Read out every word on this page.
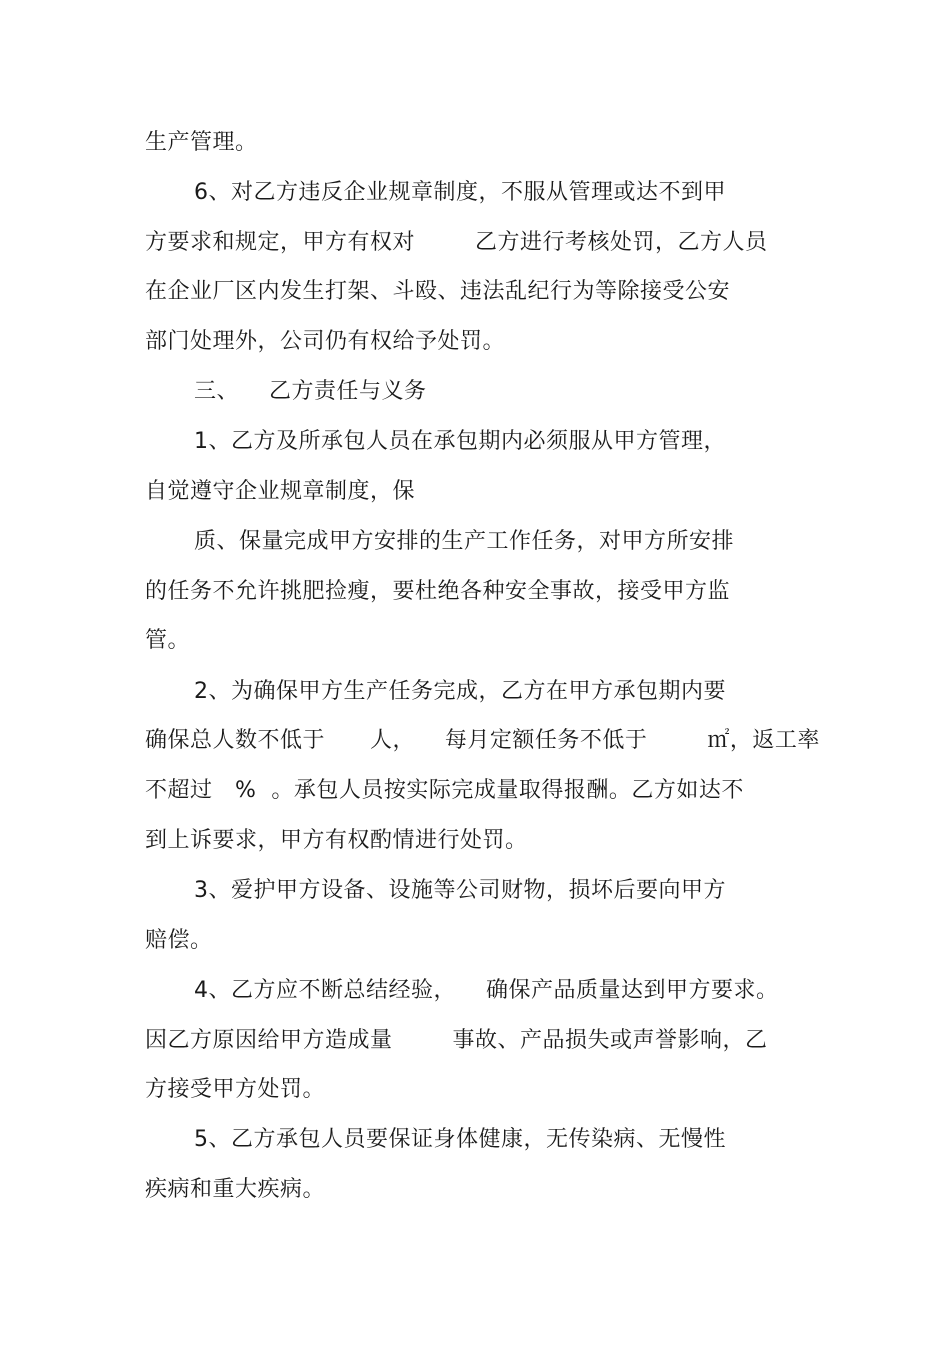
生产管理。
6、对乙方违反企业规章制度，不服从管理或达不到甲
方要求和规定，甲方有权对        乙方进行考核处罚，乙方人员
在企业厂区内发生打架、斗殴、违法乱纪行为等除接受公安
部门处理外，公司仍有权给予处罚。
三、    乙方责任与义务
1、乙方及所承包人员在承包期内必须服从甲方管理，
自觉遵守企业规章制度，保
质、保量完成甲方安排的生产工作任务，对甲方所安排
的任务不允许挑肥捡瘦，要杜绝各种安全事故，接受甲方监
管。
2、为确保甲方生产任务完成，乙方在甲方承包期内要
确保总人数不低于      人，    每月定额任务不低于        ㎡，返工率
不超过   %  。承包人员按实际完成量取得报酬。乙方如达不
到上诉要求，甲方有权酌情进行处罚。
3、爱护甲方设备、设施等公司财物，损坏后要向甲方
赔偿。
4、乙方应不断总结经验，    确保产品质量达到甲方要求。
因乙方原因给甲方造成量        事故、产品损失或声誉影响，乙
方接受甲方处罚。
5、乙方承包人员要保证身体健康，无传染病、无慢性
疾病和重大疾病。
